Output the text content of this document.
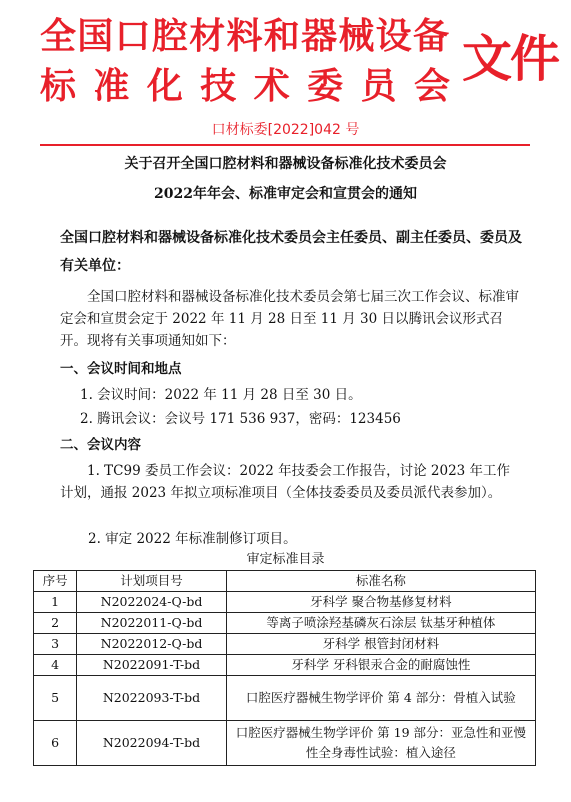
全国口腔材料和器械设备
标准化技术委员会 文件
口材标委[2022]042 号
关于召开全国口腔材料和器械设备标准化技术委员会
2022年年会、标准审定会和宣贯会的通知
全国口腔材料和器械设备标准化技术委员会主任委员、副主任委员、委员及有关单位：
全国口腔材料和器械设备标准化技术委员会第七届三次工作会议、标准审定会和宣贯会定于 2022 年 11 月 28 日至 11 月 30 日以腾讯会议形式召开。现将有关事项通知如下：
一、会议时间和地点
1. 会议时间：2022 年 11 月 28 日至 30 日。
2. 腾讯会议：会议号 171 536 937，密码：123456
二、会议内容
1. TC99 委员工作会议：2022 年技委会工作报告，讨论 2023 年工作计划，通报 2023 年拟立项标准项目（全体技委委员及委员派代表参加）。
2. 审定 2022 年标准制修订项目。
审定标准目录
序号	计划项目号	标准名称
1	N2022024-Q-bd	牙科学 聚合物基修复材料
2	N2022011-Q-bd	等离子喷涂羟基磷灰石涂层 钛基牙种植体
3	N2022012-Q-bd	牙科学 根管封闭材料
4	N2022091-T-bd	牙科学 牙科银汞合金的耐腐蚀性
5	N2022093-T-bd	口腔医疗器械生物学评价 第 4 部分：骨植入试验
6	N2022094-T-bd	口腔医疗器械生物学评价 第 19 部分：亚急性和亚慢性全身毒性试验：植入途径
